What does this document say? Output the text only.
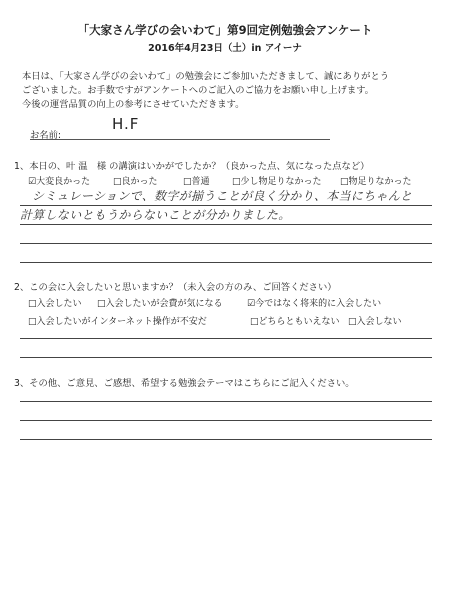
「大家さん学びの会いわて」第9回定例勉強会アンケート
2016年4月23日（土）in アイーナ
本日は、「大家さん学びの会いわて」の勉強会にご参加いただきまして、誠にありがとう
ございました。お手数ですがアンケートへのご記入のご協力をお願い申し上げます。
今後の運営品質の向上の参考にさせていただきます。
お名前:
H.F
1、本日の、叶 温　様 の講演はいかがでしたか？（良かった点、気になった点など）
☑大変良かった	□良かった	□普通 □少し物足りなかった □物足りなかった
シミュレーションで、数字が揃うことが良く分かり、本当にちゃんと
計算しないともうからないことが分かりました。
2、この会に入会したいと思いますか？（未入会の方のみ、ご回答ください）
□入会したい □入会したいが会費が気になる	☑今ではなく将来的に入会したい
□入会したいがインターネット操作が不安だ	□どちらともいえない □入会しない
3、その他、ご意見、ご感想、希望する勉強会テーマはこちらにご記入ください。
